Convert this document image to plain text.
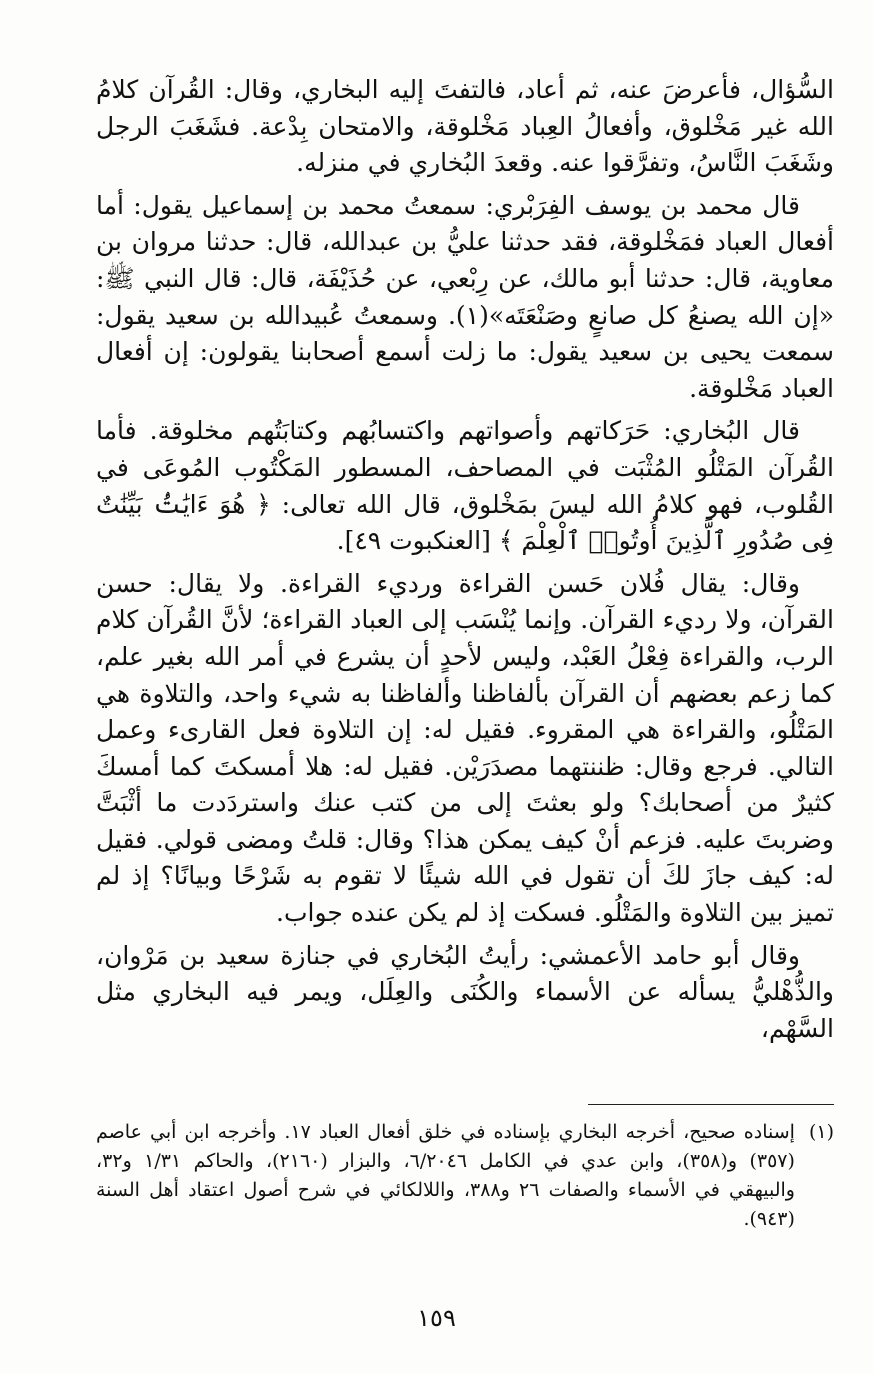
السُّؤال، فأعرضَ عنه، ثم أعاد، فالتفتَ إليه البخاري، وقال: القُرآن كلامُ الله غير مَخْلوق، وأفعالُ العِباد مَخْلوقة، والامتحان بِدْعة. فشَغَبَ الرجل وشَغَبَ النَّاسُ، وتفرَّقوا عنه. وقعدَ البُخاري في منزله.

قال محمد بن يوسف الفِرَبْري: سمعتُ محمد بن إسماعيل يقول: أما أفعال العباد فمَخْلوقة، فقد حدثنا عليُّ بن عبدالله، قال: حدثنا مروان بن معاوية، قال: حدثنا أبو مالك، عن رِبْعي، عن حُذَيْفَة، قال: قال النبي ﷺ: «إن الله يصنعُ كل صانعٍ وصَنْعَتَه»(١). وسمعتُ عُبيدالله بن سعيد يقول: سمعت يحيى بن سعيد يقول: ما زلت أسمع أصحابنا يقولون: إن أفعال العباد مَخْلوقة.

قال البُخاري: حَرَكاتهم وأصواتهم واكتسابُهم وكتابَتُهم مخلوقة. فأما القُرآن المَتْلُو المُثْبَت في المصاحف، المسطور المَكْتُوب المُوعَى في القُلوب، فهو كلامُ الله ليسَ بمَخْلوق، قال الله تعالى: ﴿ هُوَ ءَايَٰتُۢ بَيِّنَٰتٌ فِى صُدُورِ ٱلَّذِينَ أُوتُوا۟ ٱلْعِلْمَ ﴾ [العنكبوت ٤٩].

وقال: يقال فُلان حَسن القراءة ورديء القراءة. ولا يقال: حسن القرآن، ولا رديء القرآن. وإنما يُنْسَب إلى العباد القراءة؛ لأنَّ القُرآن كلام الرب، والقراءة فِعْلُ العَبْد، وليس لأحدٍ أن يشرع في أمر الله بغير علم، كما زعم بعضهم أن القرآن بألفاظنا وألفاظنا به شيء واحد، والتلاوة هي المَتْلُو، والقراءة هي المقروء. فقيل له: إن التلاوة فعل القارىء وعمل التالي. فرجع وقال: ظننتهما مصدَرَيْن. فقيل له: هلا أمسكتَ كما أمسكَ كثيرٌ من أصحابك؟ ولو بعثتَ إلى من كتب عنك واستردَدت ما أثْبَتَّ وضربتَ عليه. فزعم أنْ كيف يمكن هذا؟ وقال: قلتُ ومضى قولي. فقيل له: كيف جازَ لكَ أن تقول في الله شيئًا لا تقوم به شَرْحًا وبيانًا؟ إذ لم تميز بين التلاوة والمَتْلُو. فسكت إذ لم يكن عنده جواب.

وقال أبو حامد الأعمشي: رأيتُ البُخاري في جنازة سعيد بن مَرْوان، والذُّهْليُّ يسأله عن الأسماء والكُنَى والعِلَل، ويمر فيه البخاري مثل السَّهْم،

(١)

إسناده صحيح، أخرجه البخاري بإسناده في خلق أفعال العباد ١٧. وأخرجه ابن أبي عاصم (٣٥٧) و(٣٥٨)، وابن عدي في الكامل ٦/٢٠٤٦، والبزار (٢١٦٠)، والحاكم ١/٣١ و٣٢، والبيهقي في الأسماء والصفات ٢٦ و٣٨٨، واللالكائي في شرح أصول اعتقاد أهل السنة (٩٤٣).

١٥٩
